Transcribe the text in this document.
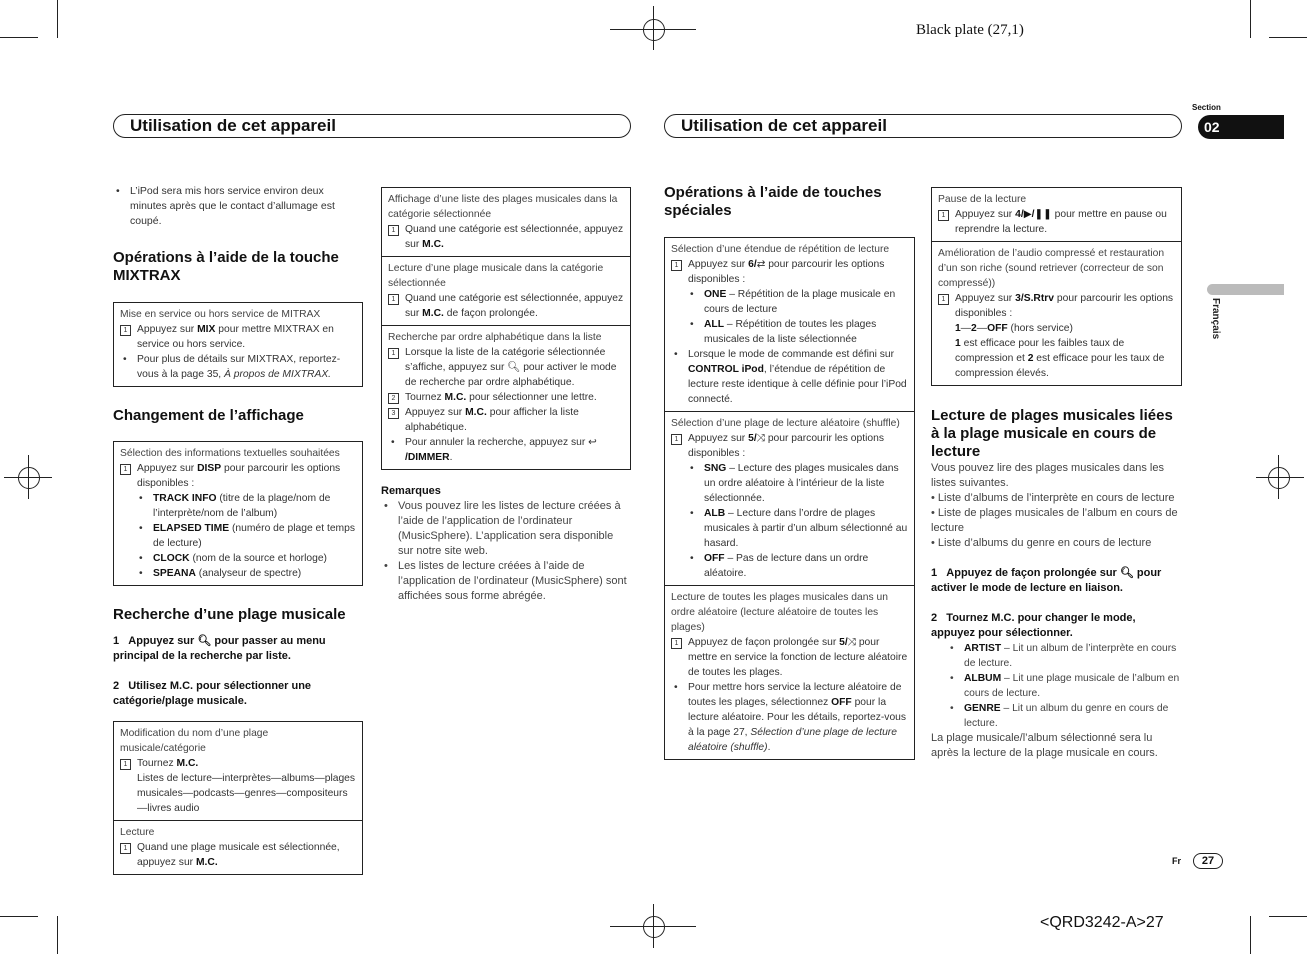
Black plate (27,1)
Utilisation de cet appareil	Utilisation de cet appareil
Section
02
Français
• L’iPod sera mis hors service environ deux minutes après que le contact d’allumage est coupé.
Opérations à l’aide de la touche MIXTRAX
Mise en service ou hors service de MITRAX
1 Appuyez sur MIX pour mettre MIXTRAX en service ou hors service.
• Pour plus de détails sur MIXTRAX, reportez-vous à la page 35, À propos de MIXTRAX.
Changement de l’affichage
Sélection des informations textuelles souhaitées
1 Appuyez sur DISP pour parcourir les options disponibles :
• TRACK INFO (titre de la plage/nom de l’interprète/nom de l’album)
• ELAPSED TIME (numéro de plage et temps de lecture)
• CLOCK (nom de la source et horloge)
• SPEANA (analyseur de spectre)
Recherche d’une plage musicale
1 Appuyez sur 🔍︎ pour passer au menu principal de la recherche par liste.
2 Utilisez M.C. pour sélectionner une catégorie/plage musicale.
Modification du nom d’une plage musicale/catégorie
1 Tournez M.C.
Listes de lecture—interprètes—albums—plages musicales—podcasts—genres—compositeurs—livres audio
Lecture
1 Quand une plage musicale est sélectionnée, appuyez sur M.C.
Affichage d’une liste des plages musicales dans la catégorie sélectionnée
1 Quand une catégorie est sélectionnée, appuyez sur M.C.
Lecture d’une plage musicale dans la catégorie sélectionnée
1 Quand une catégorie est sélectionnée, appuyez sur M.C. de façon prolongée.
Recherche par ordre alphabétique dans la liste
1 Lorsque la liste de la catégorie sélectionnée s’affiche, appuyez sur 🔍︎ pour activer le mode de recherche par ordre alphabétique.
2 Tournez M.C. pour sélectionner une lettre.
3 Appuyez sur M.C. pour afficher la liste alphabétique.
• Pour annuler la recherche, appuyez sur ↩
/DIMMER.
Remarques
• Vous pouvez lire les listes de lecture créées à l’aide de l’application de l’ordinateur (MusicSphere). L’application sera disponible sur notre site web.
• Les listes de lecture créées à l’aide de l’application de l’ordinateur (MusicSphere) sont affichées sous forme abrégée.
Opérations à l’aide de touches spéciales
Sélection d’une étendue de répétition de lecture
1 Appuyez sur 6/⇄ pour parcourir les options disponibles :
• ONE – Répétition de la plage musicale en cours de lecture
• ALL – Répétition de toutes les plages musicales de la liste sélectionnée
• Lorsque le mode de commande est défini sur CONTROL iPod, l’étendue de répétition de lecture reste identique à celle définie pour l’iPod connecté.
Sélection d’une plage de lecture aléatoire (shuffle)
1 Appuyez sur 5/⤨ pour parcourir les options disponibles :
• SNG – Lecture des plages musicales dans un ordre aléatoire à l’intérieur de la liste sélectionnée.
• ALB – Lecture dans l’ordre de plages musicales à partir d’un album sélectionné au hasard.
• OFF – Pas de lecture dans un ordre aléatoire.
Lecture de toutes les plages musicales dans un ordre aléatoire (lecture aléatoire de toutes les plages)
1 Appuyez de façon prolongée sur 5/⤨ pour mettre en service la fonction de lecture aléatoire de toutes les plages.
• Pour mettre hors service la lecture aléatoire de toutes les plages, sélectionnez OFF pour la lecture aléatoire. Pour les détails, reportez-vous à la page 27, Sélection d’une plage de lecture aléatoire (shuffle).
Pause de la lecture
1 Appuyez sur 4/▶/❚❚ pour mettre en pause ou reprendre la lecture.
Amélioration de l’audio compressé et restauration d’un son riche (sound retriever (correcteur de son compressé))
1 Appuyez sur 3/S.Rtrv pour parcourir les options disponibles :
1—2—OFF (hors service)
1 est efficace pour les faibles taux de compression et 2 est efficace pour les taux de compression élevés.
Lecture de plages musicales liées à la plage musicale en cours de lecture
Vous pouvez lire des plages musicales dans les listes suivantes.
• Liste d’albums de l’interprète en cours de lecture
• Liste de plages musicales de l’album en cours de lecture
• Liste d’albums du genre en cours de lecture
1 Appuyez de façon prolongée sur 🔍︎ pour activer le mode de lecture en liaison.
2 Tournez M.C. pour changer le mode, appuyez pour sélectionner.
• ARTIST – Lit un album de l’interprète en cours de lecture.
• ALBUM – Lit une plage musicale de l’album en cours de lecture.
• GENRE – Lit un album du genre en cours de lecture.
La plage musicale/l’album sélectionné sera lu après la lecture de la plage musicale en cours.
Fr	27
<QRD3242-A>27
